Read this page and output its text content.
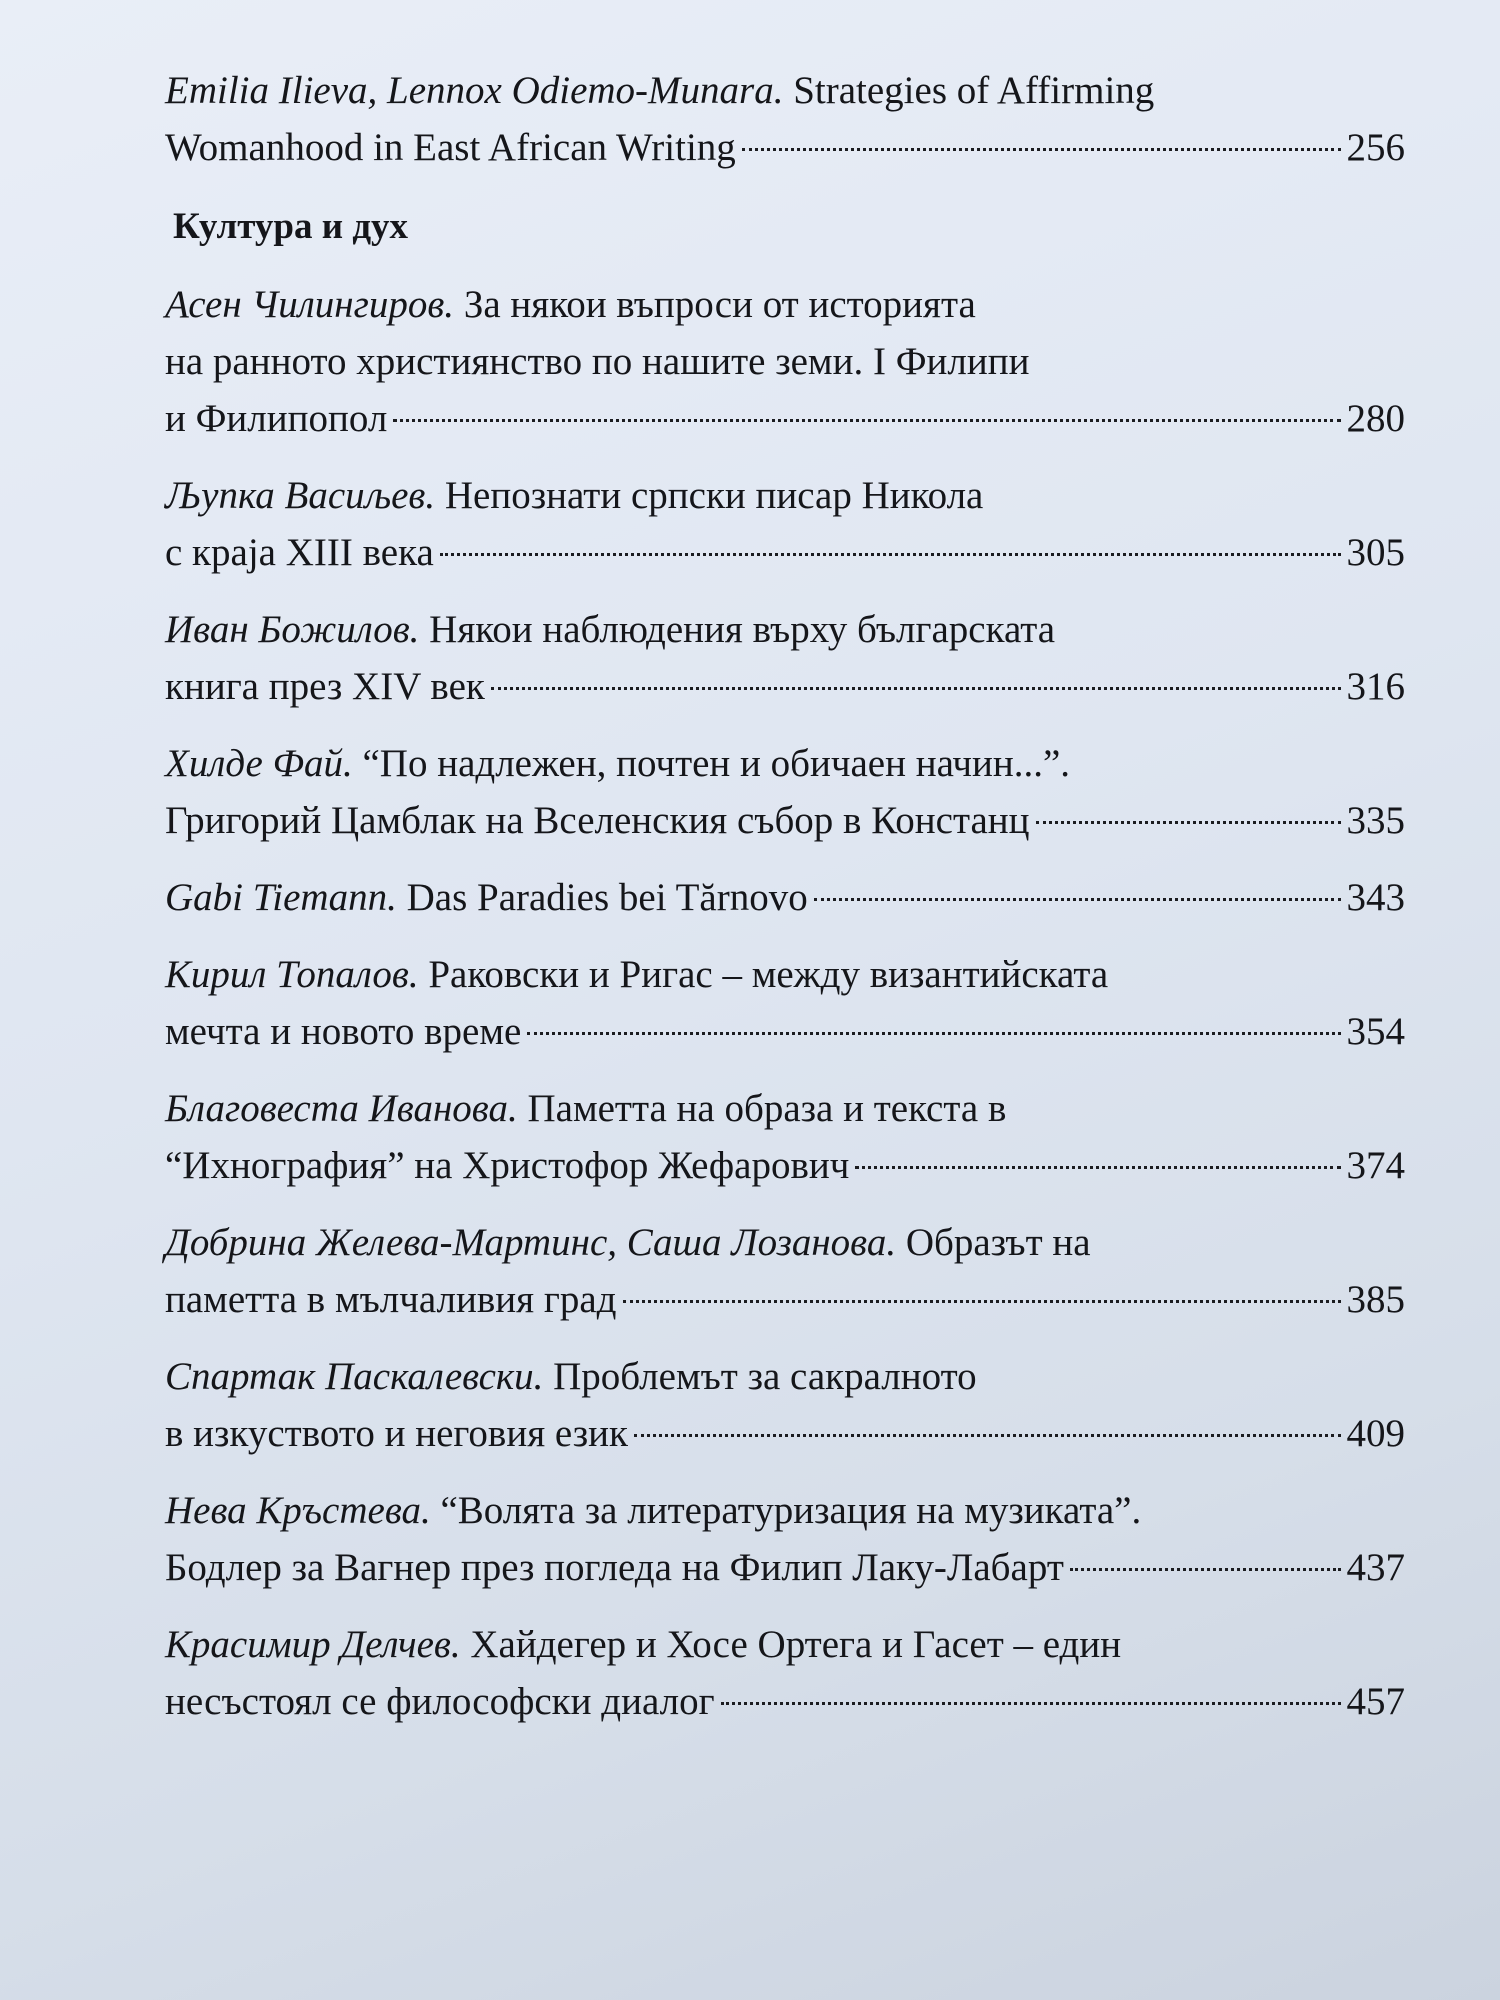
Emilia Ilieva, Lennox Odiemo-Munara. Strategies of Affirming
Womanhood in East African Writing	256
Култура и дух
Асен Чилингиров. За някои въпроси от историята
на ранното християнство по нашите земи. I Филипи
и Филипопол	280
Љупка Васиљев. Непознати српски писар Никола
с краја XIII века	305
Иван Божилов. Някои наблюдения върху българската
книга през XIV век	316
Хилде Фай. “По надлежен, почтен и обичаен начин...”.
Григорий Цамблак на Вселенския събор в Констанц	335
Gabi Tiemann. Das Paradies bei Tărnovo	343
Кирил Топалов. Раковски и Ригас – между византийската
мечта и новото време	354
Благовеста Иванова. Паметта на образа и текста в
“Ихнография” на Христофор Жефарович	374
Добрина Желева-Мартинс, Саша Лозанова. Образът на
паметта в мълчаливия град	385
Спартак Паскалевски. Проблемът за сакралното
в изкуството и неговия език	409
Нева Кръстева. “Волята за литературизация на музиката”.
Бодлер за Вагнер през погледа на Филип Лаку-Лабарт	437
Красимир Делчев. Хайдегер и Хосе Ортега и Гасет – един
несъстоял се философски диалог	457
